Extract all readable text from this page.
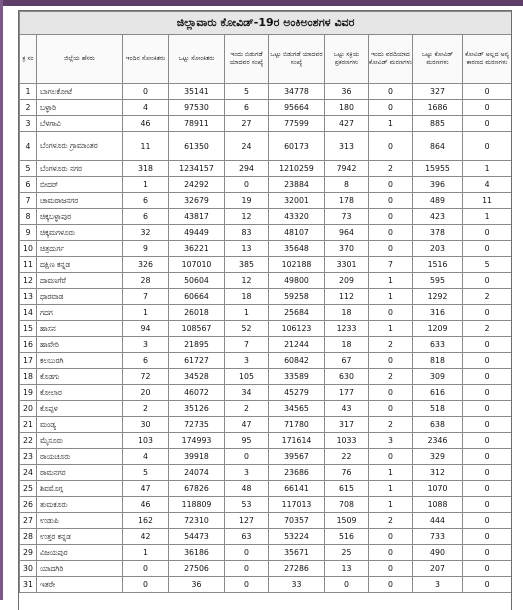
ಜಿಲ್ಲಾವಾರು ಕೋವಿಡ್-19ರ ಅಂಕಿಅಂಶಗಳ ವಿವರ									
ಕ್ರ ಸಂ	ಜಿಲ್ಲೆಯ ಹೆಸರು	ಇಂದಿನ ಸೋಂಕಿತರು	ಒಟ್ಟು ಸೋಂಕಿತರು	ಇಂದು ಬಿಡುಗಡೆ ಯಾದವರ ಸಂಖ್ಯೆ	ಒಟ್ಟು ಬಿಡುಗಡೆ ಯಾದವರ ಸಂಖ್ಯೆ	ಒಟ್ಟು ಸಕ್ರಿಯ ಪ್ರಕರಣಗಳು	ಇಂದು ವರದಿಯಾದ ಕೋವಿಡ್ ಮರಣಗಳು	ಒಟ್ಟು ಕೋವಿಡ್ ಮರಣಗಳು	ಕೋವಿಡ್ ಅಲ್ಲದ ಅನ್ಯ ಕಾರಣದ ಮರಣಗಳು
1	ಬಾಗಲಕೋಟೆ	0	35141	5	34778	36	0	327	0
2	ಬಳ್ಳಾರಿ	4	97530	6	95664	180	0	1686	0
3	ಬೆಳಗಾವಿ	46	78911	27	77599	427	1	885	0
4	ಬೆಂಗಳೂರು ಗ್ರಾಮಾಂತರ	11	61350	24	60173	313	0	864	0
5	ಬೆಂಗಳೂರು ನಗರ	318	1234157	294	1210259	7942	2	15955	1
6	ಬೀದರ್	1	24292	0	23884	8	0	396	4
7	ಚಾಮರಾಜನಗರ	6	32679	19	32001	178	0	489	11
8	ಚಿಕ್ಕಬಳ್ಳಾಪುರ	6	43817	12	43320	73	0	423	1
9	ಚಿಕ್ಕಮಗಳೂರು	32	49449	83	48107	964	0	378	0
10	ಚಿತ್ರದುರ್ಗ	9	36221	13	35648	370	0	203	0
11	ದಕ್ಷಿಣ ಕನ್ನಡ	326	107010	385	102188	3301	7	1516	5
12	ದಾವಣಗೆರೆ	28	50604	12	49800	209	1	595	0
13	ಧಾರವಾಡ	7	60664	18	59258	112	1	1292	2
14	ಗದಗ	1	26018	1	25684	18	0	316	0
15	ಹಾಸನ	94	108567	52	106123	1233	1	1209	2
16	ಹಾವೇರಿ	3	21895	7	21244	18	2	633	0
17	ಕಲಬುರಗಿ	6	61727	3	60842	67	0	818	0
18	ಕೊಡಗು	72	34528	105	33589	630	2	309	0
19	ಕೋಲಾರ	20	46072	34	45279	177	0	616	0
20	ಕೊಪ್ಪಳ	2	35126	2	34565	43	0	518	0
21	ಮಂಡ್ಯ	30	72735	47	71780	317	2	638	0
22	ಮೈಸೂರು	103	174993	95	171614	1033	3	2346	0
23	ರಾಯಚೂರು	4	39918	0	39567	22	0	329	0
24	ರಾಮನಗರ	5	24074	3	23686	76	1	312	0
25	ಶಿವಮೊಗ್ಗ	47	67826	48	66141	615	1	1070	0
26	ತುಮಕೂರು	46	118809	53	117013	708	1	1088	0
27	ಉಡುಪಿ	162	72310	127	70357	1509	2	444	0
28	ಉತ್ತರ ಕನ್ನಡ	42	54473	63	53224	516	0	733	0
29	ವಿಜಯಪುರ	1	36186	0	35671	25	0	490	0
30	ಯಾದಗಿರಿ	0	27506	0	27286	13	0	207	0
31	ಇತರೇ	0	36	0	33	0	0	3	0
